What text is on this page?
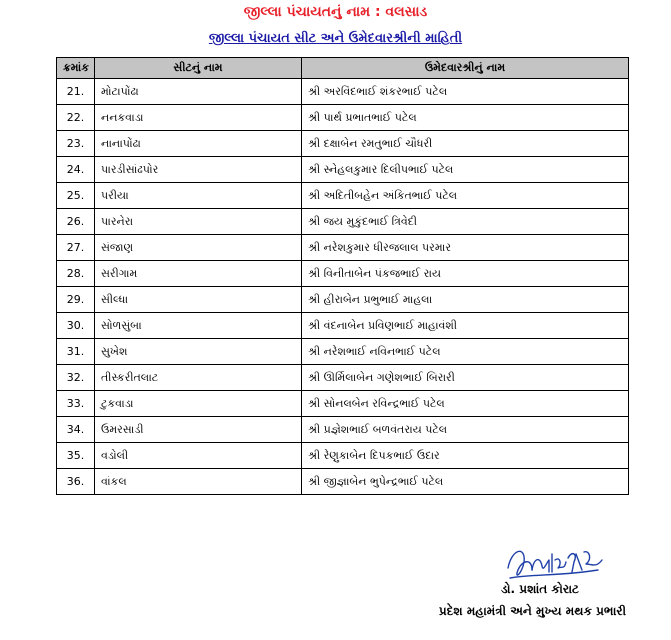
જીલ્લા પંચાયતનું નામ : વલસાડ
જીલ્લા પંચાયત સીટ અને ઉમેદવારશ્રીની માહિતી
ક્રમાંક	સીટનું નામ	ઉમેદવારશ્રીનું નામ
21.	મોટાપોંઢા	શ્રી અરવિંદભાઈ શંકરભાઈ પટેલ
22.	નનકવાડા	શ્રી પાર્થ પ્રભાતભાઈ પટેલ
23.	નાનાપોંઢા	શ્રી દક્ષાબેન રમતુભાઈ ચૌધરી
24.	પારડીસાંઢપોર	શ્રી સ્નેહલકુમાર દિલીપભાઈ પટેલ
25.	પરીયા	શ્રી અદિતીબહેન અંકિતભાઈ પટેલ
26.	પારનેરા	શ્રી જય મુકુંદભાઈ ત્રિવેદી
27.	સંજાણ	શ્રી નરેશકુમાર ધીરજલાલ પરમાર
28.	સરીગામ	શ્રી વિનીતાબેન પંકજભાઈ રાય
29.	સીલ્ધા	શ્રી હીરાબેન પ્રભુભાઈ માહલા
30.	સોળસુંબા	શ્રી વંદનાબેન પ્રવિણભાઈ માહાવંશી
31.	સુખેશ	શ્રી નરેશભાઈ નવિનભાઈ પટેલ
32.	તીસ્કરીતલાટ	શ્રી ઊર્મિલાબેન ગણેશભાઈ બિરારી
33.	ટુકવાડા	શ્રી સોનલબેન રવિન્દ્રભાઈ પટેલ
34.	ઉમરસાડી	શ્રી પ્રજ્ઞેશભાઈ બળવંતરાય પટેલ
35.	વડોલી	શ્રી રેણુકાબેન દિપકભાઈ ઉદાર
36.	વાંકલ	શ્રી જીજ્ઞાબેન ભુપેન્દ્રભાઈ પટેલ
ડો. પ્રશાંત કોરાટ
પ્રદેશ મહામંત્રી અને મુખ્ય મથક પ્રભારી
